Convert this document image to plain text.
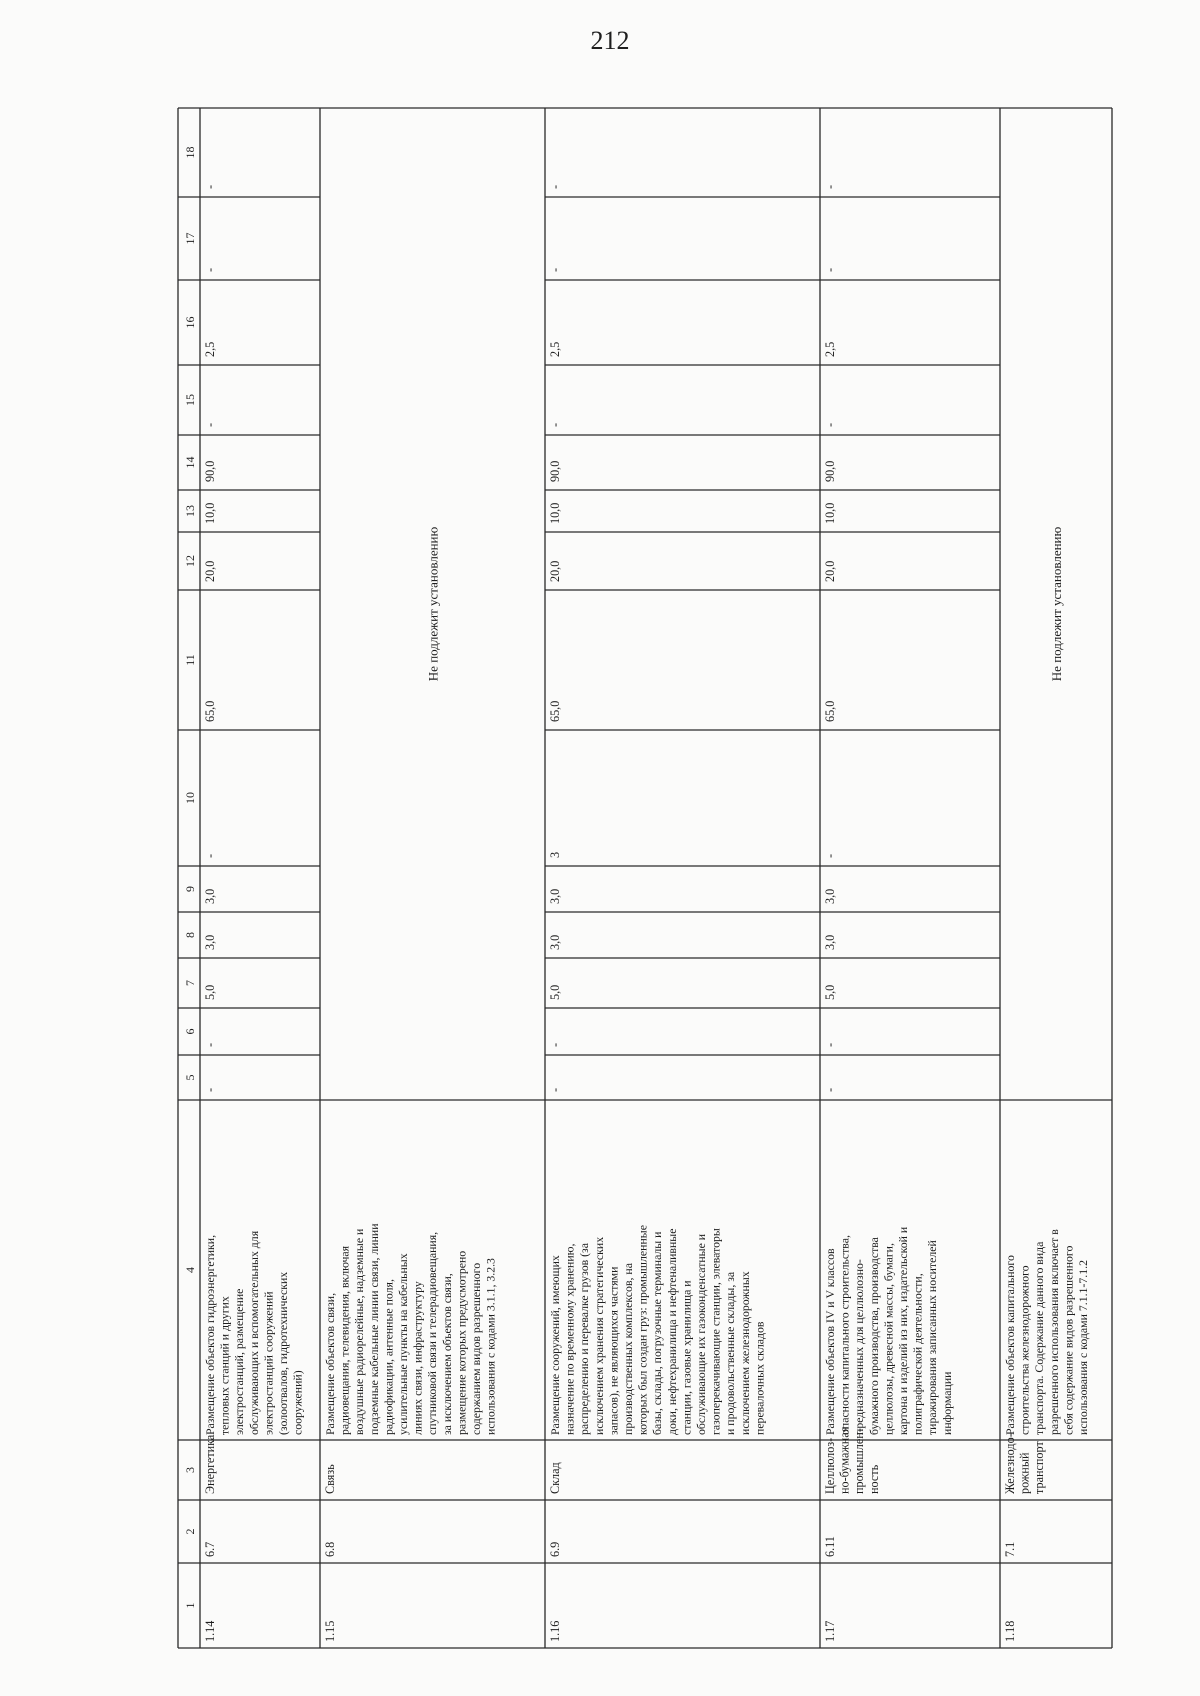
212
1
2
3
4
5
6
7
8
9
10
11
12
13
14
15
16
17
18
1.14
6.7
Энергетика
Размещение объектов гидроэнергетики, тепловых станций и других электростанций, размещение обслуживающих и вспомогательных для электростанций сооружений (золоотвалов, гидротехнических сооружений)
-
-
5,0
3,0
3,0
-
65,0
20,0
10,0
90,0
-
2,5
-
-
1.15
6.8
Связь
Размещение объектов связи, радиовещания, телевидения, включая воздушные радиорелейные, надземные и подземные кабельные линии связи, линии радиофикации, антенные поля, усилительные пункты на кабельных линиях связи, инфраструктуру спутниковой связи и телерадиовещания, за исключением объектов связи, размещение которых предусмотрено содержанием видов разрешенного использования с кодами 3.1.1, 3.2.3
Не подлежит установлению
1.16
6.9
Склад
Размещение сооружений, имеющих назначение по временному хранению, распределению и перевалке грузов (за исключением хранения стратегических запасов), не являющихся частями производственных комплексов, на которых был создан груз: промышленные базы, склады, погрузочные терминалы и доки, нефтехранилища и нефтеналивные станции, газовые хранилища и обслуживающие их газоконденсатные и газоперекачивающие станции, элеваторы и продовольственные склады, за исключением железнодорожных перевалочных складов
-
-
5,0
3,0
3,0
3
65,0
20,0
10,0
90,0
-
2,5
-
-
1.17
6.11
Целлюлоз- но-бумажная промышлен- ность
Размещение объектов IV и V классов опасности капитального строительства, предназначенных для целлюлозно- бумажного производства, производства целлюлозы, древесной массы, бумаги, картона и изделий из них, издательской и полиграфической деятельности, тиражирования записанных носителей информации
-
-
5,0
3,0
3,0
-
65,0
20,0
10,0
90,0
-
2,5
-
-
1.18
7.1
Железнодо- рожный транспорт
Размещение объектов капитального строительства железнодорожного транспорта. Содержание данного вида разрешенного использования включает в себя содержание видов разрешенного использования с кодами 7.1.1-7.1.2
Не подлежит установлению
